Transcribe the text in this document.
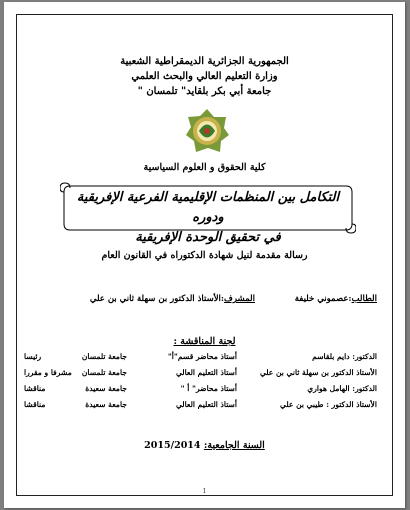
الجمهورية الجزائرية الديمقراطية الشعبية
وزارة التعليم العالي والبحث العلمي
جامعة أبي بكر بلقايد" تلمسان "
كلية الحقوق و العلوم السياسية
التكامل بين المنظمات الإقليمية الفرعية الإفريقية ودوره
في تحقيق الوحدة الإفريقية
رسالة مقدمة لنيل شهادة الدكتوراه في القانون العام
الطالب:عصموني خليفة
المشرف:الأستاذ الدكتور بن سهلة ثاني بن علي
لجنة المناقشة :
الدكتور: دايم بلقاسم
أستاذ محاضر قسم"أ"
جامعة تلمسان
رئيسا
الأستاذ الدكتور بن سهلة ثاني بن علي
أستاذ التعليم العالي
جامعة تلمسان
مشرفا و مقررا
الدكتور: الهامل هواري
أستاذ محاضر" أ "
جامعة سعيدة
مناقشا
الأستاذ الدكتور : طيبي بن علي
أستاذ التعليم العالي
جامعة سعيدة
مناقشا
السنة الجامعية: 2015/2014
1
